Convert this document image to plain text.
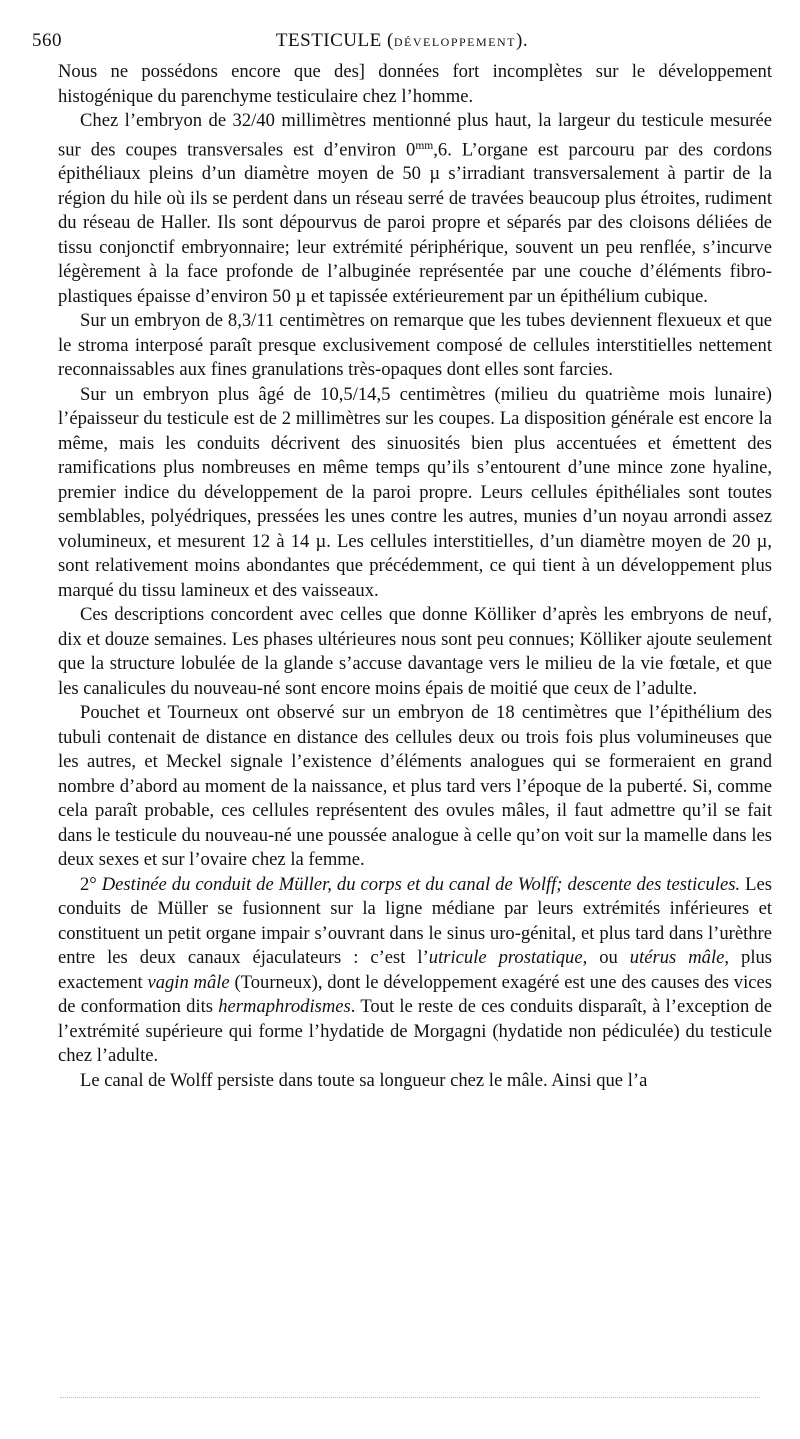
560	TESTICULE (DÉVELOPPEMENT).

Nous ne possédons encore que des] données fort incomplètes sur le développement histogénique du parenchyme testiculaire chez l’homme.

Chez l’embryon de 32/40 millimètres mentionné plus haut, la largeur du testicule mesurée sur des coupes transversales est d’environ $0^{mm},6$. L’organe est parcouru par des cordons épithéliaux pleins d’un diamètre moyen de 50 µ s’irradiant transversalement à partir de la région du hile où ils se perdent dans un réseau serré de travées beaucoup plus étroites, rudiment du réseau de Haller. Ils sont dépourvus de paroi propre et séparés par des cloisons déliées de tissu conjonctif embryonnaire; leur extrémité périphérique, souvent un peu renflée, s’incurve légèrement à la face profonde de l’albuginée représentée par une couche d’éléments fibro-plastiques épaisse d’environ 50 µ et tapissée extérieurement par un épithélium cubique.

Sur un embryon de 8,3/11 centimètres on remarque que les tubes deviennent flexueux et que le stroma interposé paraît presque exclusivement composé de cellules interstitielles nettement reconnaissables aux fines granulations très-opaques dont elles sont farcies.

Sur un embryon plus âgé de 10,5/14,5 centimètres (milieu du quatrième mois lunaire) l’épaisseur du testicule est de 2 millimètres sur les coupes. La disposition générale est encore la même, mais les conduits décrivent des sinuosités bien plus accentuées et émettent des ramifications plus nombreuses en même temps qu’ils s’entourent d’une mince zone hyaline, premier indice du développement de la paroi propre. Leurs cellules épithéliales sont toutes semblables, polyédriques, pressées les unes contre les autres, munies d’un noyau arrondi assez volumineux, et mesurent 12 à 14 µ. Les cellules interstitielles, d’un diamètre moyen de 20 µ, sont relativement moins abondantes que précédemment, ce qui tient à un développement plus marqué du tissu lamineux et des vaisseaux.

Ces descriptions concordent avec celles que donne Kölliker d’après les embryons de neuf, dix et douze semaines. Les phases ultérieures nous sont peu connues; Kölliker ajoute seulement que la structure lobulée de la glande s’accuse davantage vers le milieu de la vie fœtale, et que les canalicules du nouveau-né sont encore moins épais de moitié que ceux de l’adulte.

Pouchet et Tourneux ont observé sur un embryon de 18 centimètres que l’épithélium des tubuli contenait de distance en distance des cellules deux ou trois fois plus volumineuses que les autres, et Meckel signale l’existence d’éléments analogues qui se formeraient en grand nombre d’abord au moment de la naissance, et plus tard vers l’époque de la puberté. Si, comme cela paraît probable, ces cellules représentent des ovules mâles, il faut admettre qu’il se fait dans le testicule du nouveau-né une poussée analogue à celle qu’on voit sur la mamelle dans les deux sexes et sur l’ovaire chez la femme.

2° Destinée du conduit de Müller, du corps et du canal de Wolff; descente des testicules. Les conduits de Müller se fusionnent sur la ligne médiane par leurs extrémités inférieures et constituent un petit organe impair s’ouvrant dans le sinus uro-génital, et plus tard dans l’urèthre entre les deux canaux éjaculateurs : c’est l’utricule prostatique, ou utérus mâle, plus exactement vagin mâle (Tourneux), dont le développement exagéré est une des causes des vices de conformation dits hermaphrodismes. Tout le reste de ces conduits disparaît, à l’exception de l’extrémité supérieure qui forme l’hydatide de Morgagni (hydatide non pédiculée) du testicule chez l’adulte.

Le canal de Wolff persiste dans toute sa longueur chez le mâle. Ainsi que l’a
